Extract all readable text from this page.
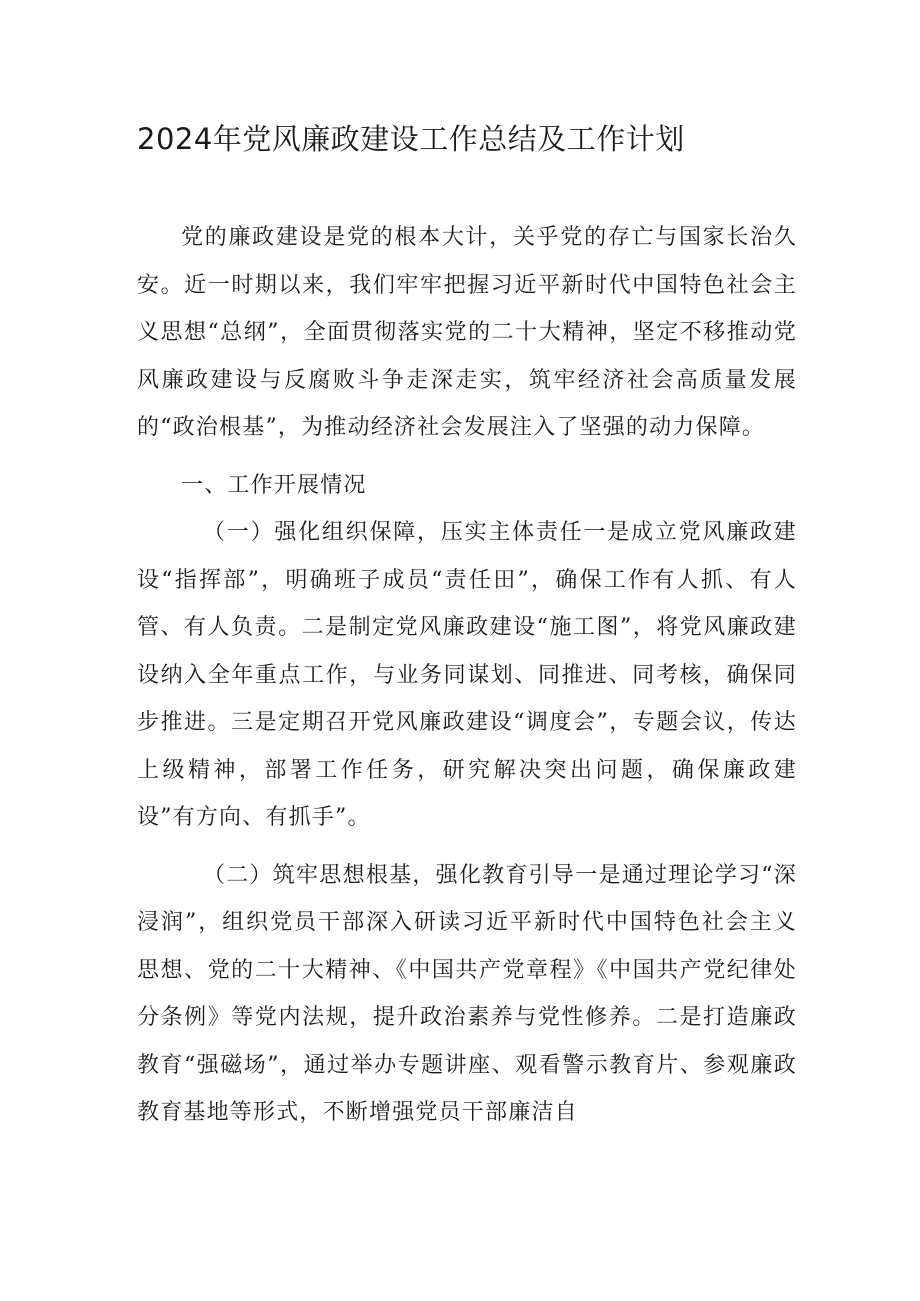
2024年党风廉政建设工作总结及工作计划

党的廉政建设是党的根本大计，关乎党的存亡与国家长治久安。近一时期以来，我们牢牢把握习近平新时代中国特色社会主义思想“总纲”，全面贯彻落实党的二十大精神，坚定不移推动党风廉政建设与反腐败斗争走深走实，筑牢经济社会高质量发展的“政治根基”，为推动经济社会发展注入了坚强的动力保障。

一、工作开展情况

（一）强化组织保障，压实主体责任一是成立党风廉政建设“指挥部”，明确班子成员“责任田”，确保工作有人抓、有人管、有人负责。二是制定党风廉政建设“施工图”，将党风廉政建设纳入全年重点工作，与业务同谋划、同推进、同考核，确保同步推进。三是定期召开党风廉政建设“调度会”，专题会议，传达上级精神，部署工作任务，研究解决突出问题，确保廉政建设”有方向、有抓手”。

（二）筑牢思想根基，强化教育引导一是通过理论学习“深浸润”，组织党员干部深入研读习近平新时代中国特色社会主义思想、党的二十大精神、《中国共产党章程》《中国共产党纪律处分条例》等党内法规，提升政治素养与党性修养。二是打造廉政教育“强磁场”，通过举办专题讲座、观看警示教育片、参观廉政教育基地等形式，不断增强党员干部廉洁自
